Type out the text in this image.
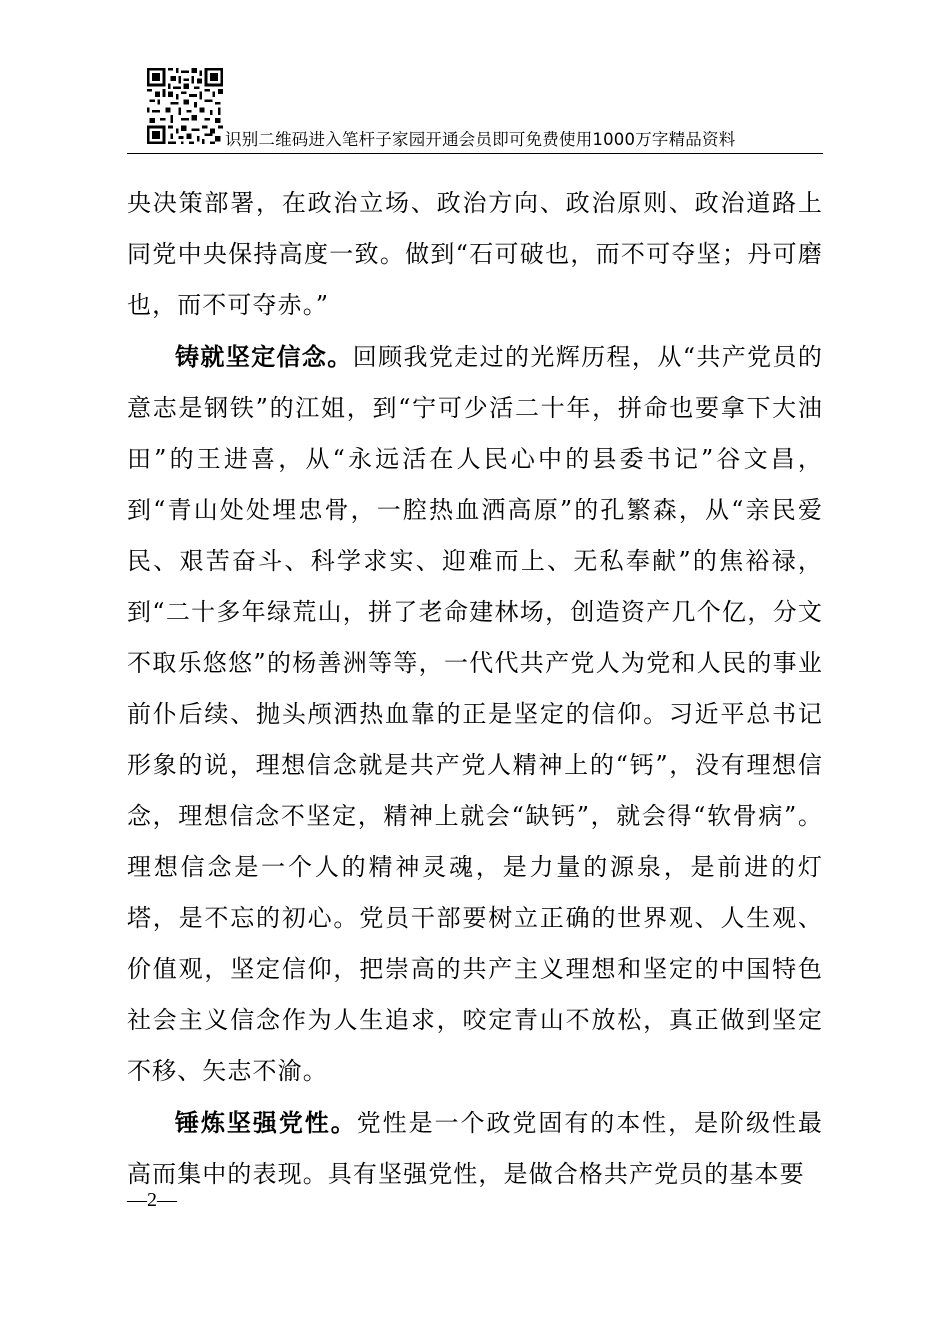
识别二维码进入笔杆子家园开通会员即可免费使用1000万字精品资料

央决策部署，在政治立场、政治方向、政治原则、政治道路上同党中央保持高度一致。做到“石可破也，而不可夺坚；丹可磨也，而不可夺赤。”

铸就坚定信念。回顾我党走过的光辉历程，从“共产党员的意志是钢铁”的江姐，到“宁可少活二十年，拼命也要拿下大油田”的王进喜，从“永远活在人民心中的县委书记”谷文昌，到“青山处处埋忠骨，一腔热血洒高原”的孔繁森，从“亲民爱民、艰苦奋斗、科学求实、迎难而上、无私奉献”的焦裕禄，到“二十多年绿荒山，拼了老命建林场，创造资产几个亿，分文不取乐悠悠”的杨善洲等等，一代代共产党人为党和人民的事业前仆后续、抛头颅洒热血靠的正是坚定的信仰。习近平总书记形象的说，理想信念就是共产党人精神上的“钙”，没有理想信念，理想信念不坚定，精神上就会“缺钙”，就会得“软骨病”。理想信念是一个人的精神灵魂，是力量的源泉，是前进的灯塔，是不忘的初心。党员干部要树立正确的世界观、人生观、价值观，坚定信仰，把崇高的共产主义理想和坚定的中国特色社会主义信念作为人生追求，咬定青山不放松，真正做到坚定不移、矢志不渝。

锤炼坚强党性。党性是一个政党固有的本性，是阶级性最高而集中的表现。具有坚强党性，是做合格共产党员的基本要

—2—
